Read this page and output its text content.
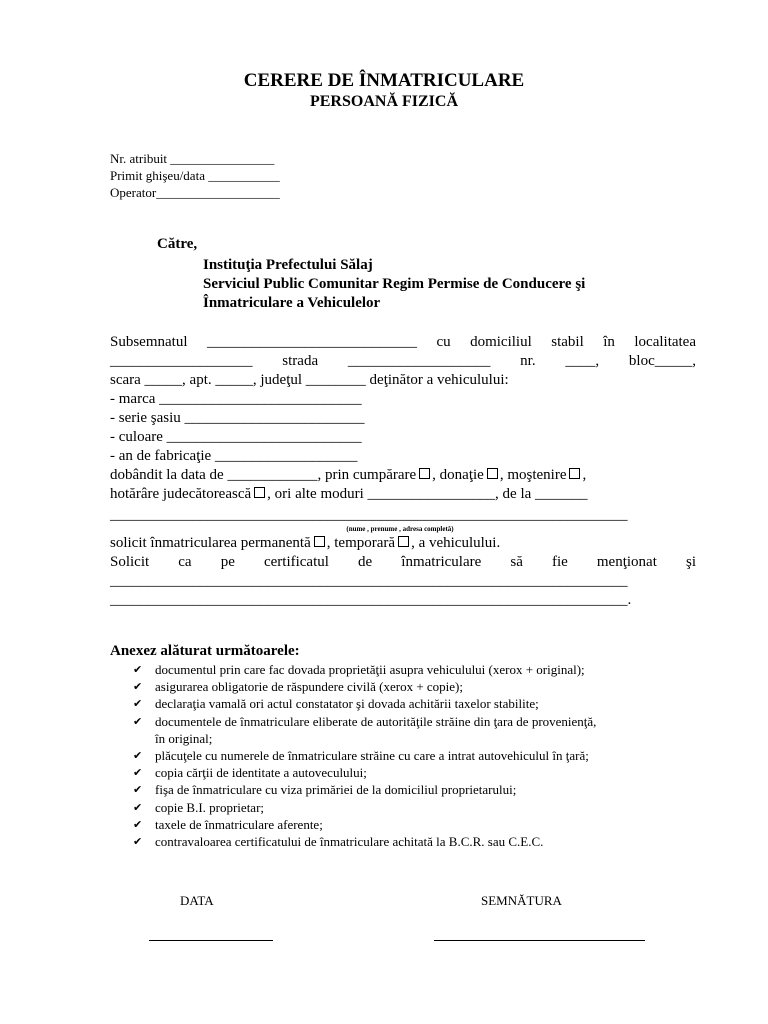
CERERE DE ÎNMATRICULARE
PERSOANĂ FIZICĂ
Nr. atribuit ________________
Primit ghişeu/data ___________
Operator___________________
Către,
Instituţia Prefectului Sălaj
Serviciul Public Comunitar Regim Permise de Conducere şi
Înmatriculare a Vehiculelor
Subsemnatul ____________________________ cu domiciliul stabil în localitatea
___________________ strada ___________________ nr. ____, bloc_____,
scara _____, apt. _____, judeţul ________ deţinător a vehiculului:
- marca ___________________________
- serie şasiu ________________________
- culoare __________________________
- an de fabricaţie ___________________
dobândit la data de ____________, prin cumpărare , donaţie , moştenire ,
hotărâre judecătorească , ori alte moduri _________________, de la _______
_____________________________________________________________________
(nume , prenume , adresa completă)
solicit înmatricularea permanentă , temporară , a vehiculului.
Solicit ca pe certificatul de înmatriculare să fie menţionat şi
_____________________________________________________________________
_____________________________________________________________________.
Anexez alăturat următoarele:
✔ documentul prin care fac dovada proprietăţii asupra vehiculului (xerox + original);
✔ asigurarea obligatorie de răspundere civilă (xerox + copie);
✔ declaraţia vamală ori actul constatator şi dovada achitării taxelor stabilite;
✔ documentele de înmatriculare eliberate de autorităţile străine din ţara de provenienţă,
în original;
✔ plăcuţele cu numerele de înmatriculare străine cu care a intrat autovehiculul în ţară;
✔ copia cărţii de identitate a autoveculului;
✔ fişa de înmatriculare cu viza primăriei de la domiciliul proprietarului;
✔ copie B.I. proprietar;
✔ taxele de înmatriculare aferente;
✔ contravaloarea certificatului de înmatriculare achitată la B.C.R. sau C.E.C.
DATA	SEMNĂTURA
